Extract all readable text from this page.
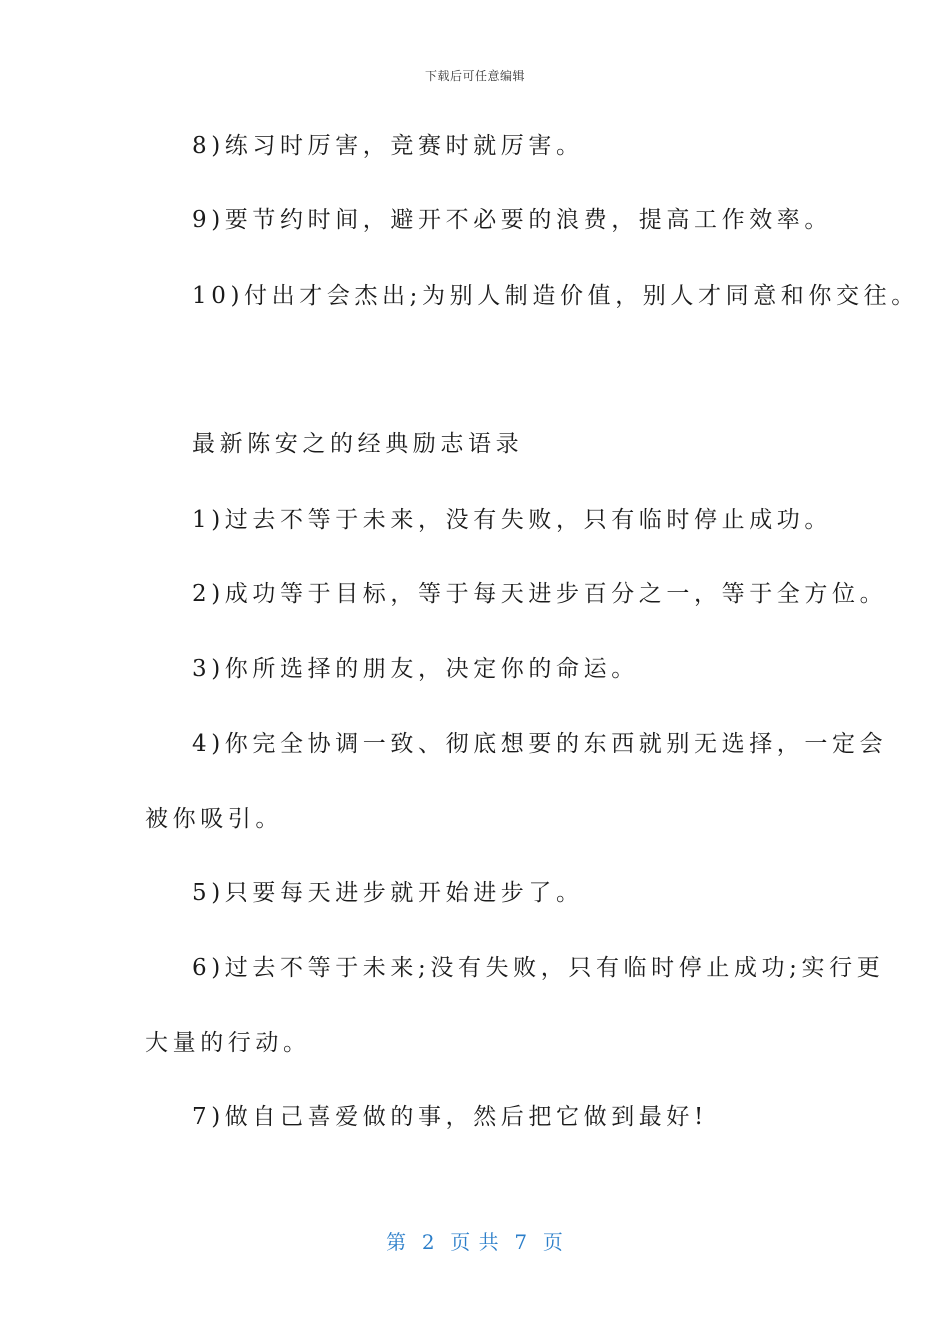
下载后可任意编辑
8)练习时厉害，竞赛时就厉害。
9)要节约时间，避开不必要的浪费，提高工作效率。
10)付出才会杰出;为别人制造价值，别人才同意和你交往。
最新陈安之的经典励志语录
1)过去不等于未来，没有失败，只有临时停止成功。
2)成功等于目标，等于每天进步百分之一，等于全方位。
3)你所选择的朋友，决定你的命运。
4)你完全协调一致、彻底想要的东西就别无选择，一定会
被你吸引。
5)只要每天进步就开始进步了。
6)过去不等于未来;没有失败，只有临时停止成功;实行更
大量的行动。
7)做自己喜爱做的事，然后把它做到最好!
第  2  页 共  7  页
